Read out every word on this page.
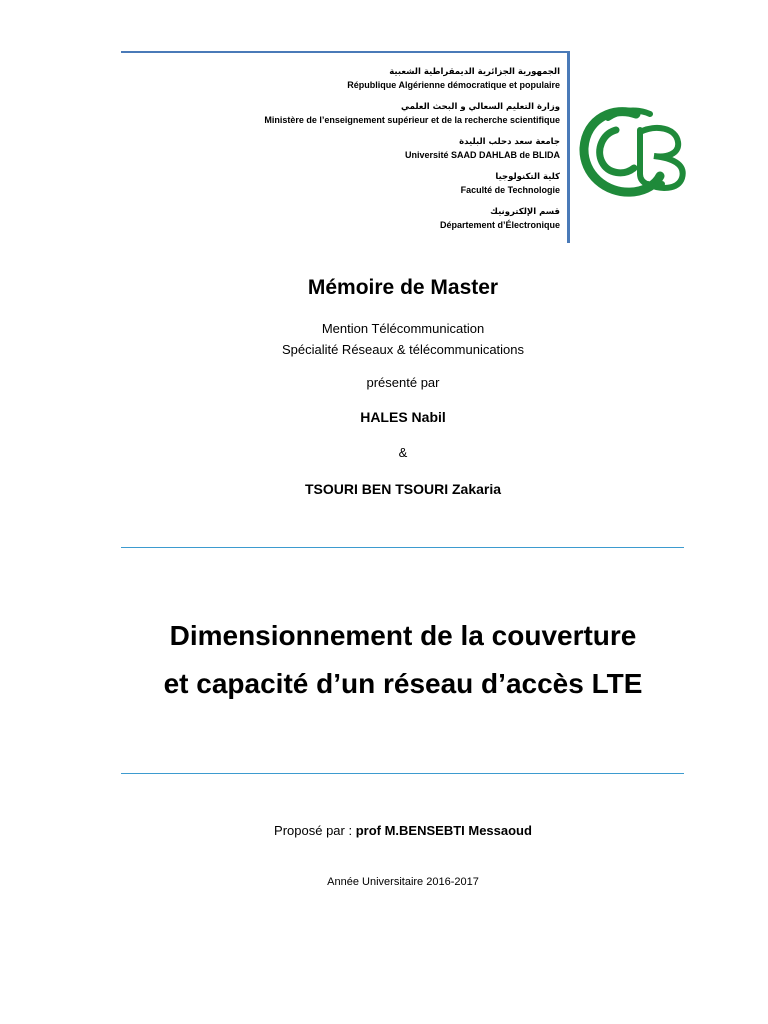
الجمهورية الجزائرية الديمقراطية الشعبية
République Algérienne démocratique et populaire
وزارة التعليم السعالي و البحث العلمي
Ministère de l’enseignement supérieur et de la recherche scientifique
جامعة سعد دحلب البليدة
Université SAAD DAHLAB de BLIDA
كلية التكنولوجيا
Faculté de Technologie
قسم الإلكترونيك
Département d’Électronique
Mémoire de Master
Mention Télécommunication
Spécialité Réseaux & télécommunications
présenté par
HALES Nabil
&
TSOURI BEN TSOURI Zakaria
Dimensionnement de la couverture
et capacité d’un réseau d’accès LTE
Proposé par : prof M.BENSEBTI Messaoud
Année Universitaire 2016-2017
